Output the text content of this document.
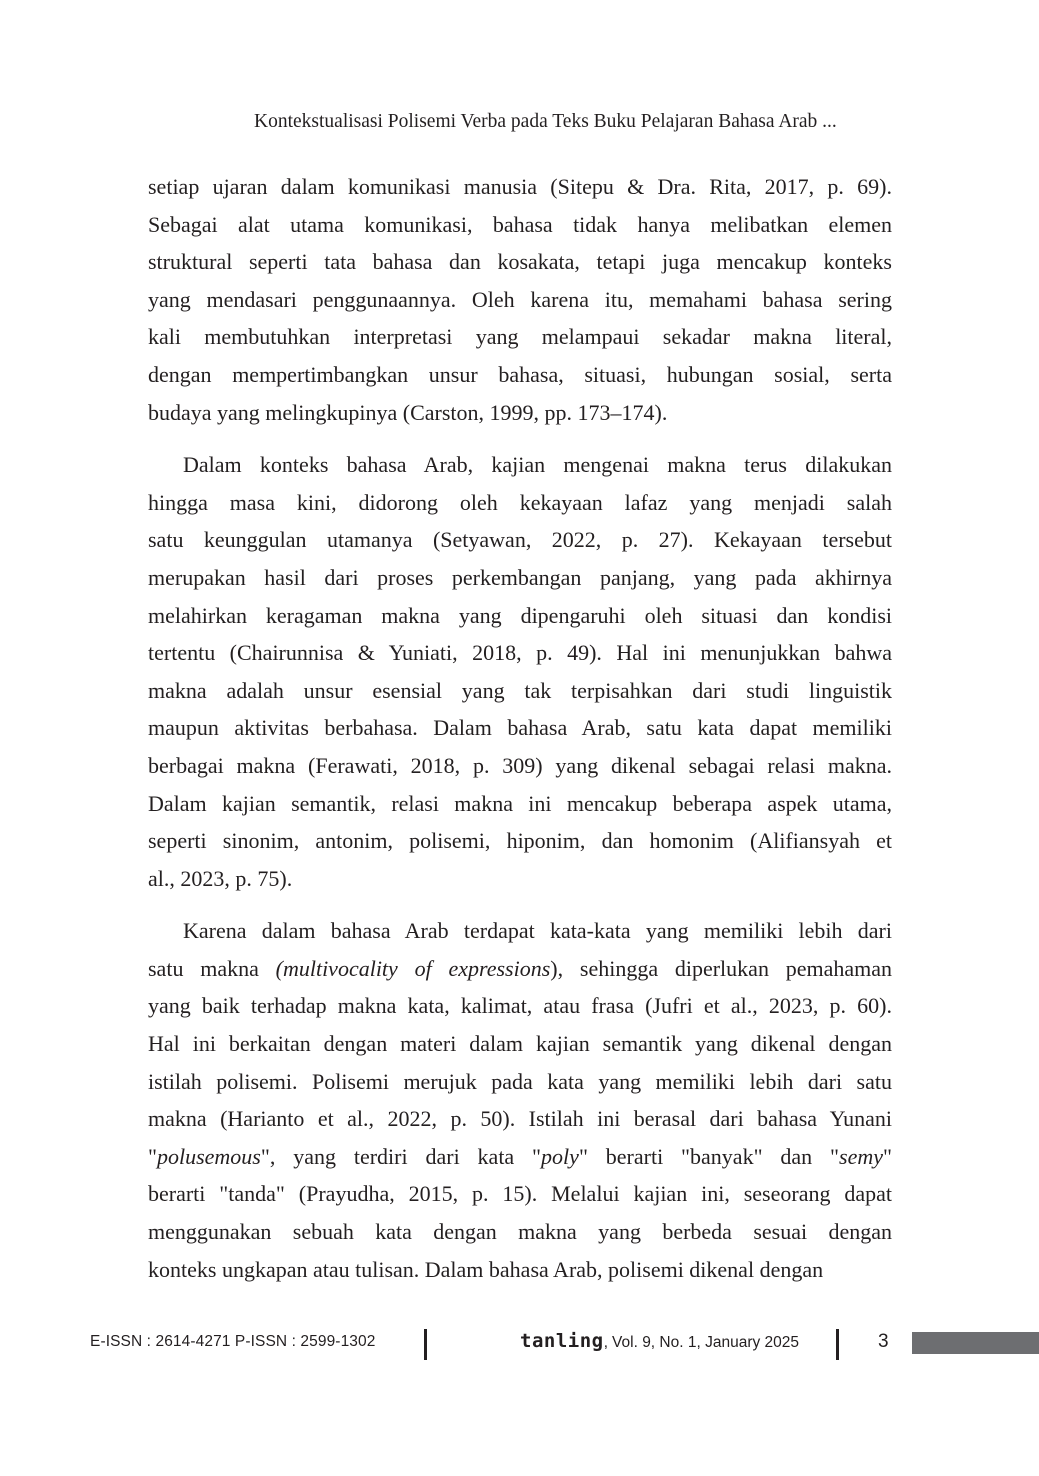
Kontekstualisasi Polisemi Verba pada Teks Buku Pelajaran Bahasa Arab ...
setiap ujaran dalam komunikasi manusia (Sitepu & Dra. Rita, 2017, p. 69).
Sebagai alat utama komunikasi, bahasa tidak hanya melibatkan elemen
struktural seperti tata bahasa dan kosakata, tetapi juga mencakup konteks
yang mendasari penggunaannya. Oleh karena itu, memahami bahasa sering
kali membutuhkan interpretasi yang melampaui sekadar makna literal,
dengan mempertimbangkan unsur bahasa, situasi, hubungan sosial, serta
budaya yang melingkupinya (Carston, 1999, pp. 173–174).
Dalam konteks bahasa Arab, kajian mengenai makna terus dilakukan
hingga masa kini, didorong oleh kekayaan lafaz yang menjadi salah
satu keunggulan utamanya (Setyawan, 2022, p. 27). Kekayaan tersebut
merupakan hasil dari proses perkembangan panjang, yang pada akhirnya
melahirkan keragaman makna yang dipengaruhi oleh situasi dan kondisi
tertentu (Chairunnisa & Yuniati, 2018, p. 49). Hal ini menunjukkan bahwa
makna adalah unsur esensial yang tak terpisahkan dari studi linguistik
maupun aktivitas berbahasa. Dalam bahasa Arab, satu kata dapat memiliki
berbagai makna (Ferawati, 2018, p. 309) yang dikenal sebagai relasi makna.
Dalam kajian semantik, relasi makna ini mencakup beberapa aspek utama,
seperti sinonim, antonim, polisemi, hiponim, dan homonim (Alifiansyah et
al., 2023, p. 75).
Karena dalam bahasa Arab terdapat kata-kata yang memiliki lebih dari
satu makna (multivocality of expressions), sehingga diperlukan pemahaman
yang baik terhadap makna kata, kalimat, atau frasa (Jufri et al., 2023, p. 60).
Hal ini berkaitan dengan materi dalam kajian semantik yang dikenal dengan
istilah polisemi. Polisemi merujuk pada kata yang memiliki lebih dari satu
makna (Harianto et al., 2022, p. 50). Istilah ini berasal dari bahasa Yunani
"polusemous", yang terdiri dari kata "poly" berarti "banyak" dan "semy"
berarti "tanda" (Prayudha, 2015, p. 15). Melalui kajian ini, seseorang dapat
menggunakan sebuah kata dengan makna yang berbeda sesuai dengan
konteks ungkapan atau tulisan. Dalam bahasa Arab, polisemi dikenal dengan
E-ISSN : 2614-4271 P-ISSN : 2599-1302	tanling, Vol. 9, No. 1, January 2025	3
